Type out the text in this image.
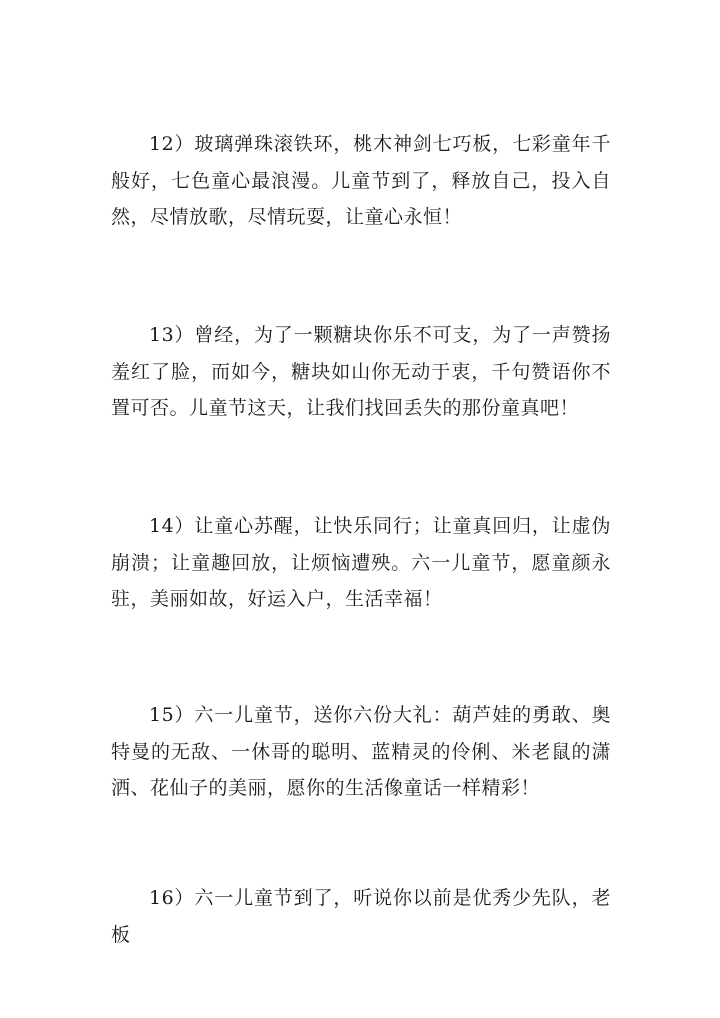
12）玻璃弹珠滚铁环，桃木神剑七巧板，七彩童年千般好，七色童心最浪漫。儿童节到了，释放自己，投入自然，尽情放歌，尽情玩耍，让童心永恒！

13）曾经，为了一颗糖块你乐不可支，为了一声赞扬羞红了脸，而如今，糖块如山你无动于衷，千句赞语你不置可否。儿童节这天，让我们找回丢失的那份童真吧！

14）让童心苏醒，让快乐同行；让童真回归，让虚伪崩溃；让童趣回放，让烦恼遭殃。六一儿童节，愿童颜永驻，美丽如故，好运入户，生活幸福！

15）六一儿童节，送你六份大礼：葫芦娃的勇敢、奥特曼的无敌、一休哥的聪明、蓝精灵的伶俐、米老鼠的潇洒、花仙子的美丽，愿你的生活像童话一样精彩！

16）六一儿童节到了，听说你以前是优秀少先队，老板
